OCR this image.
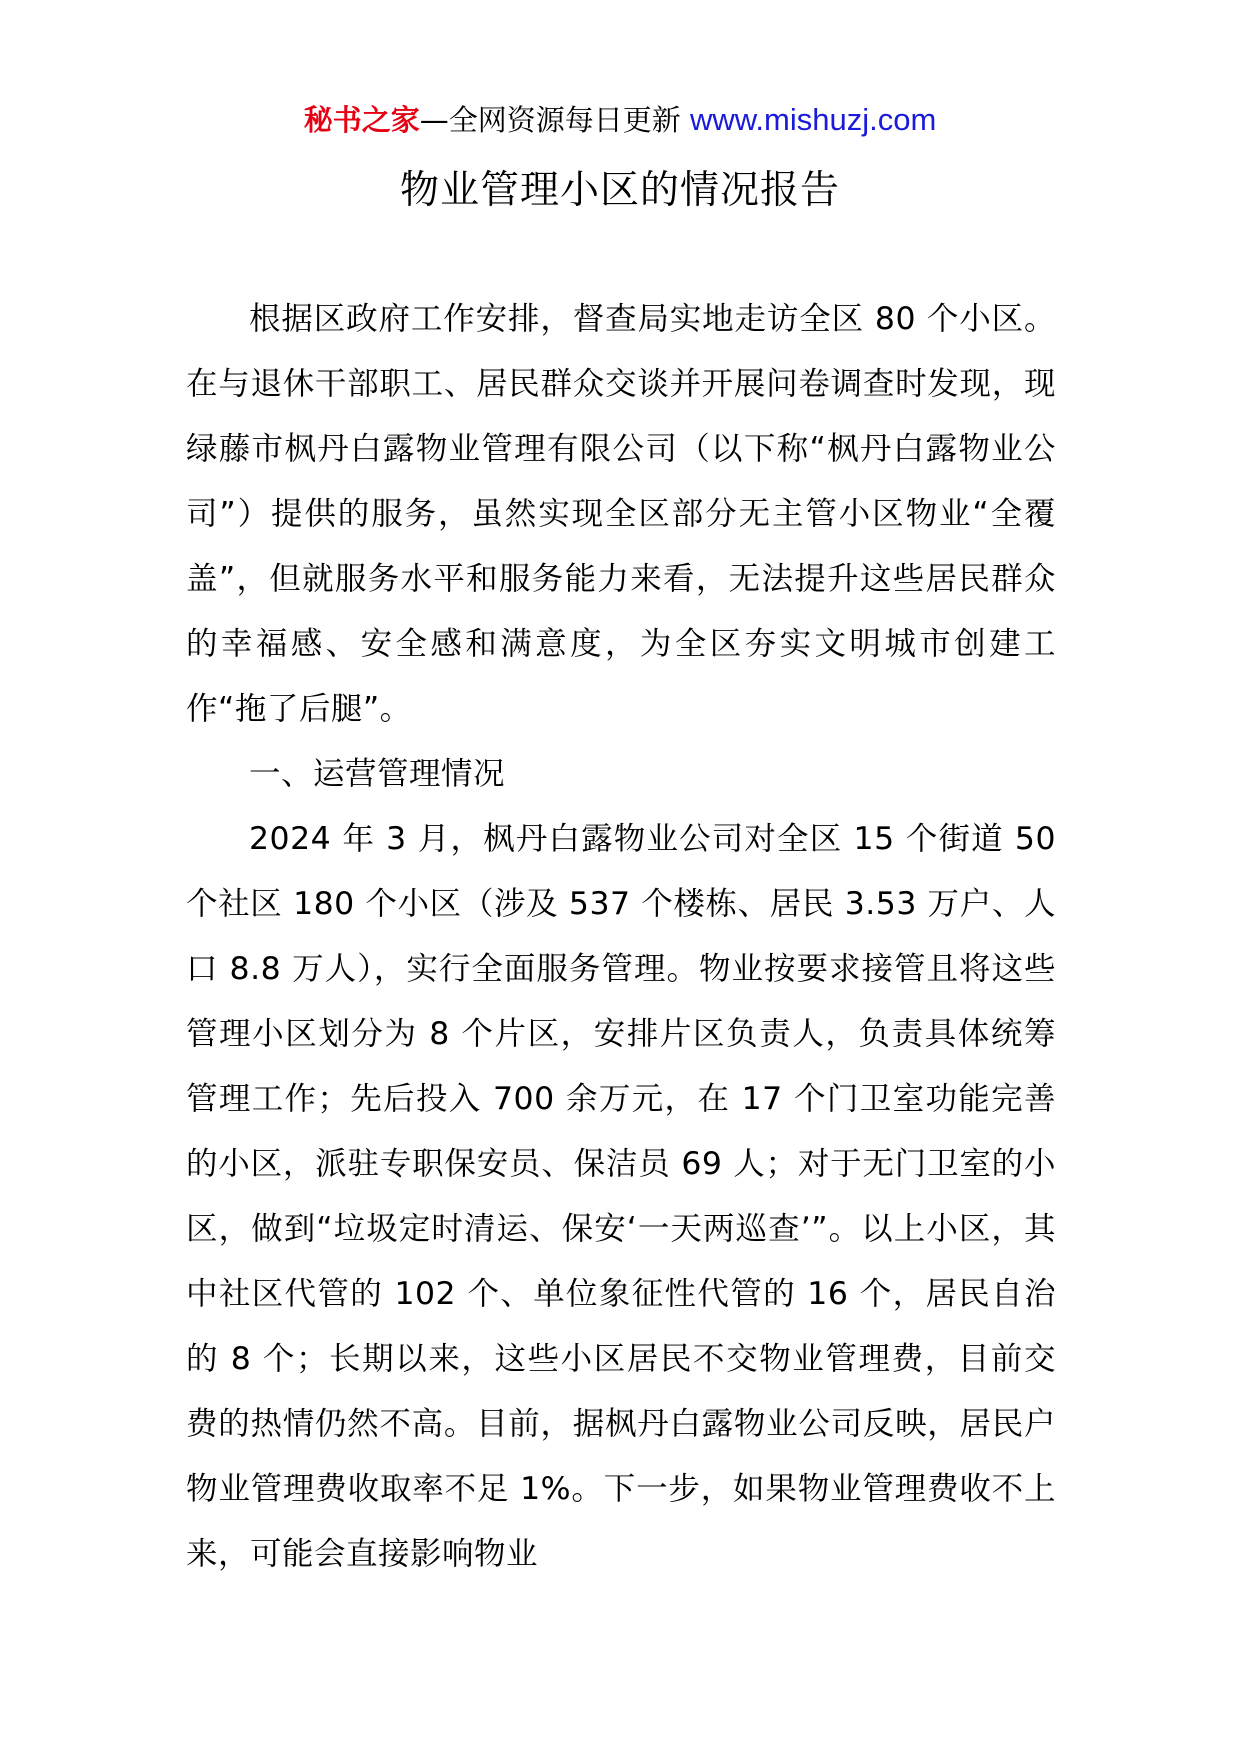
秘书之家—全网资源每日更新 www.mishuzj.com
物业管理小区的情况报告

根据区政府工作安排，督查局实地走访全区 80 个小区。在与退休干部职工、居民群众交谈并开展问卷调查时发现，现绿藤市枫丹白露物业管理有限公司（以下称“枫丹白露物业公司”）提供的服务，虽然实现全区部分无主管小区物业“全覆盖”，但就服务水平和服务能力来看，无法提升这些居民群众的幸福感、安全感和满意度，为全区夯实文明城市创建工作“拖了后腿”。

一、运营管理情况

2024 年 3 月，枫丹白露物业公司对全区 15 个街道 50 个社区 180 个小区（涉及 537 个楼栋、居民 3.53 万户、人口 8.8 万人），实行全面服务管理。物业按要求接管且将这些管理小区划分为 8 个片区，安排片区负责人，负责具体统筹管理工作；先后投入 700 余万元，在 17 个门卫室功能完善的小区，派驻专职保安员、保洁员 69 人；对于无门卫室的小区，做到“垃圾定时清运、保安‘一天两巡查’”。以上小区，其中社区代管的 102 个、单位象征性代管的 16 个，居民自治的 8 个；长期以来，这些小区居民不交物业管理费，目前交费的热情仍然不高。目前，据枫丹白露物业公司反映，居民户物业管理费收取率不足 1%。下一步，如果物业管理费收不上来，可能会直接影响物业
